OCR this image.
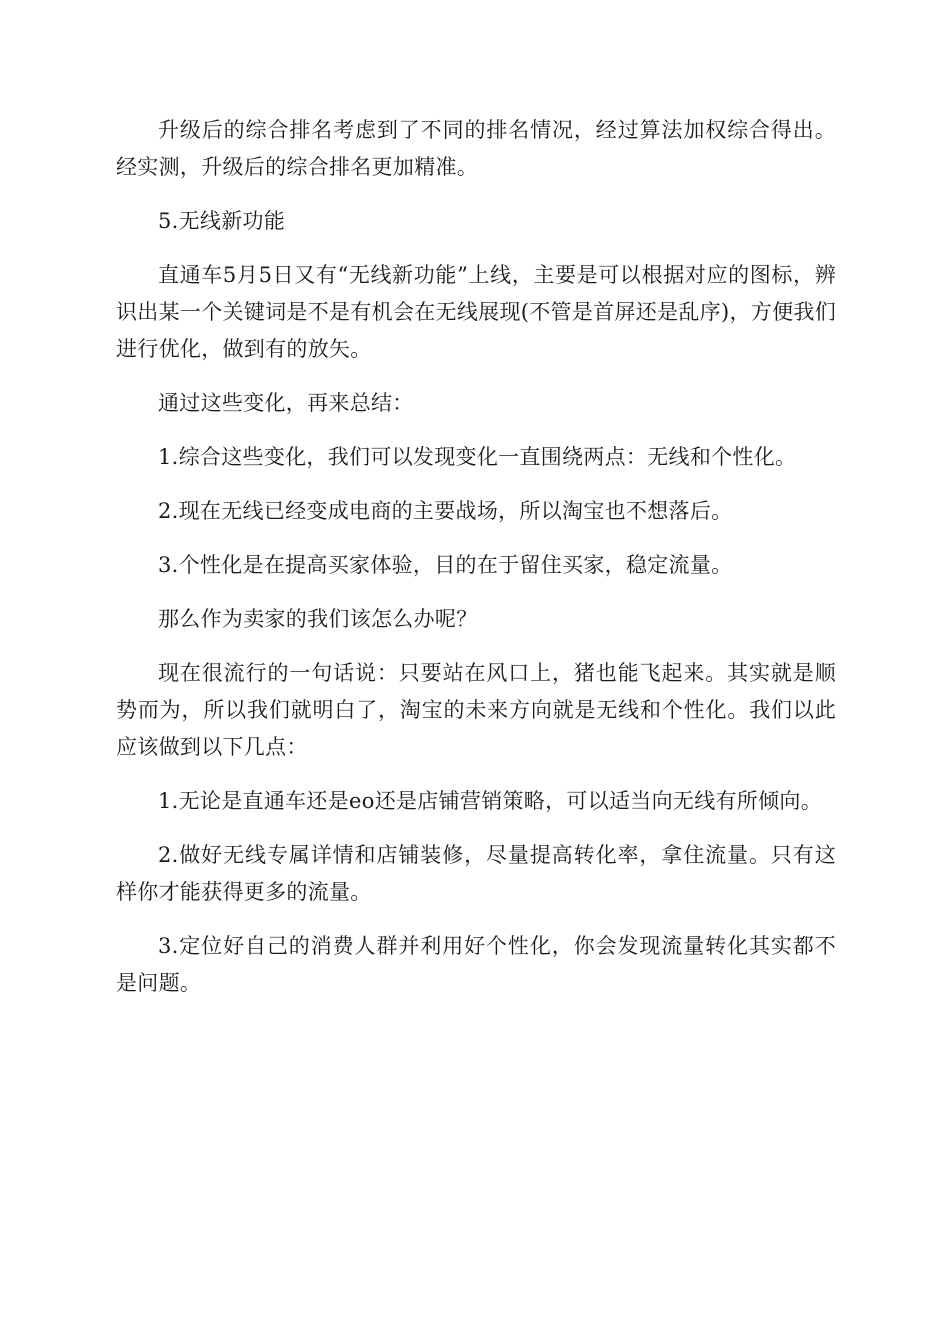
升级后的综合排名考虑到了不同的排名情况，经过算法加权综合得出。经实测，升级后的综合排名更加精准。

5.无线新功能

直通车5月5日又有“无线新功能”上线，主要是可以根据对应的图标，辨识出某一个关键词是不是有机会在无线展现(不管是首屏还是乱序)，方便我们进行优化，做到有的放矢。

通过这些变化，再来总结：

1.综合这些变化，我们可以发现变化一直围绕两点：无线和个性化。

2.现在无线已经变成电商的主要战场，所以淘宝也不想落后。

3.个性化是在提高买家体验，目的在于留住买家，稳定流量。

那么作为卖家的我们该怎么办呢？

现在很流行的一句话说：只要站在风口上，猪也能飞起来。其实就是顺势而为，所以我们就明白了，淘宝的未来方向就是无线和个性化。我们以此应该做到以下几点：

1.无论是直通车还是eo还是店铺营销策略，可以适当向无线有所倾向。

2.做好无线专属详情和店铺装修，尽量提高转化率，拿住流量。只有这样你才能获得更多的流量。

3.定位好自己的消费人群并利用好个性化，你会发现流量转化其实都不是问题。
